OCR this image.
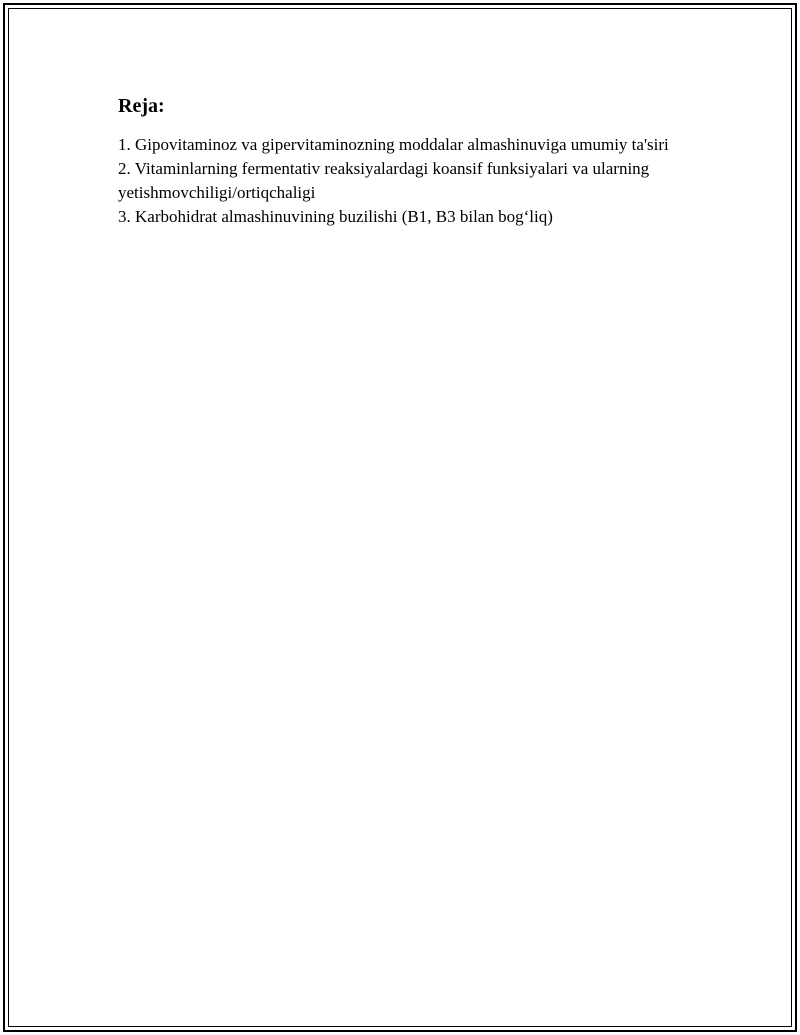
Reja:

1. Gipovitaminoz va gipervitaminozning moddalar almashinuviga umumiy ta'siri

2. Vitaminlarning fermentativ reaksiyalardagi koansif funksiyalari va ularning yetishmovchiligi/ortiqchaligi

3. Karbohidrat almashinuvining buzilishi (B1, B3 bilan bog‘liq)
